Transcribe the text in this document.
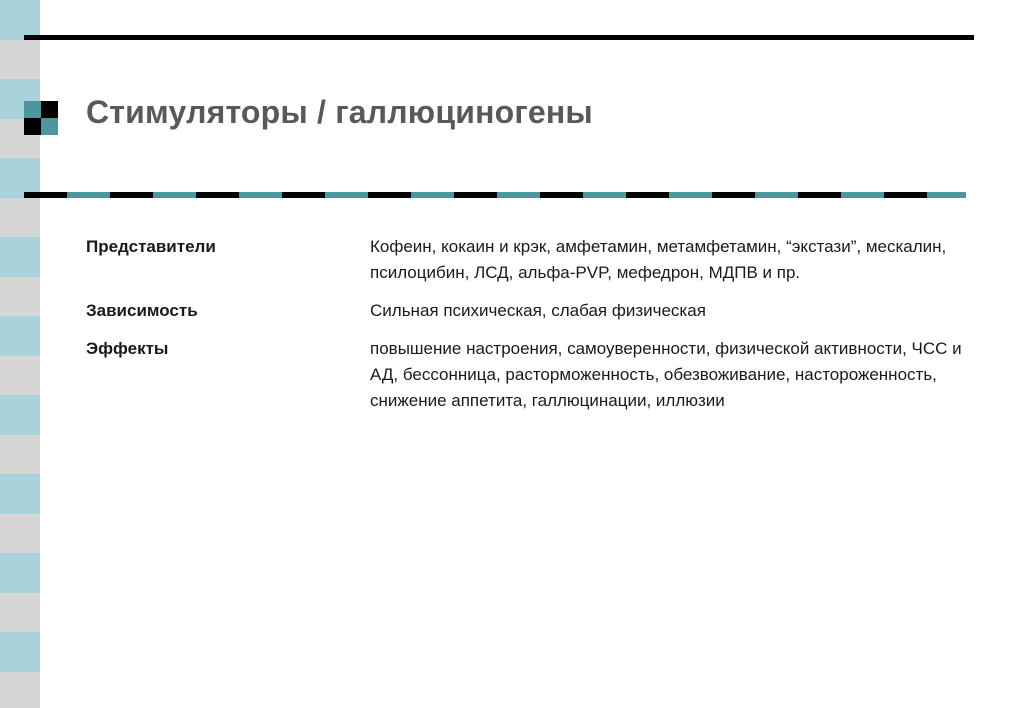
Стимуляторы / галлюциногены
Представители	Кофеин, кокаин и крэк, амфетамин, метамфетамин, “экстази”, мескалин, псилоцибин, ЛСД, альфа-PVP, мефедрон, МДПВ и пр.
Зависимость	Сильная психическая, слабая физическая
Эффекты	повышение настроения, самоуверенности, физической активности, ЧСС и АД, бессонница, расторможенность, обезвоживание, настороженность, снижение аппетита, галлюцинации, иллюзии
